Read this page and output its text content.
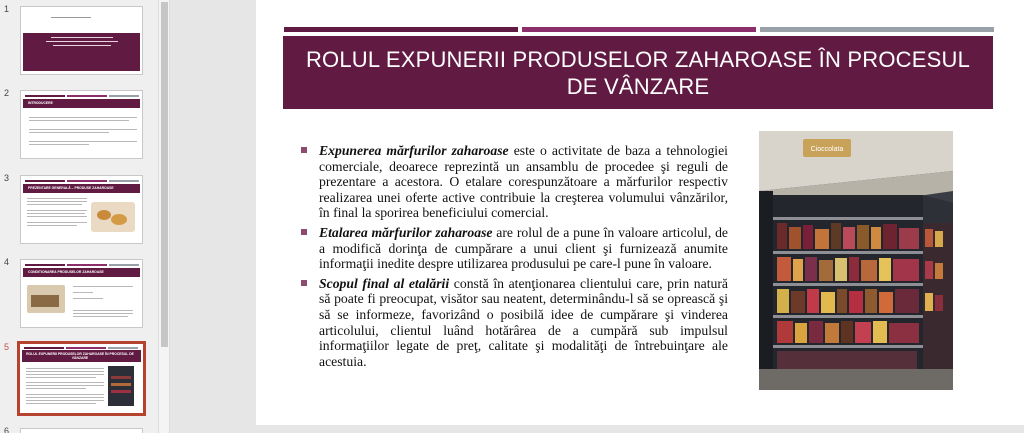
1
2
INTRODUCERE
3
PREZENTARE GENERALĂ – PRODUSE ZAHAROASE
4
CONDITIONAREA PRODUSELOR ZAHAROASE
5
ROLUL EXPUNERII PRODUSELOR ZAHAROASE ÎN PROCESUL DE VÂNZARE
6
ROLUL EXPUNERII PRODUSELOR ZAHAROASE ÎN PROCESUL DE VÂNZARE
Expunerea mărfurilor zaharoase este o activitate de baza a tehnologiei comerciale, deoarece reprezintă un ansamblu de procedee şi reguli de prezentare a acestora. O etalare corespunzătoare a mărfurilor respectiv realizarea unei oferte active contribuie la creşterea volumului vânzărilor, în final la sporirea beneficiului comercial.
Etalarea mărfurilor zaharoase are rolul de a pune în valoare articolul, de a modifică dorinţa de cumpărare a unui client şi furnizează anumite informaţii inedite despre utilizarea produsului pe care-l pune în valoare.
Scopul final al etalării constă în atenţionarea clientului care, prin natură să poate fi preocupat, visător sau neatent, determinându-l să se oprească şi să se informeze, favorizând o posibilă idee de cumpărare şi vinderea articolului, clientul luând hotărârea de a cumpără sub impulsul informaţiilor legate de preţ, calitate şi modalităţi de întrebuinţare ale acestuia.
Cioccolata
